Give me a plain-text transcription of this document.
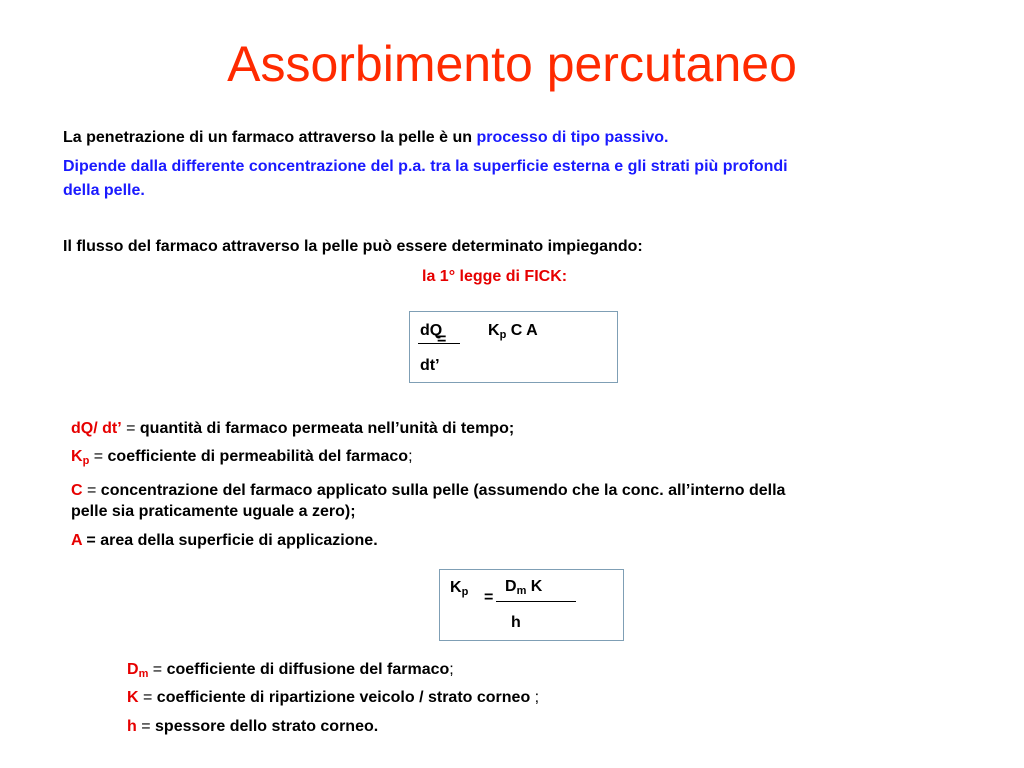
Assorbimento percutaneo
La penetrazione di un farmaco attraverso la pelle è un processo di tipo passivo.
Dipende dalla differente concentrazione del p.a. tra la superficie esterna e gli strati più profondi
della pelle.
Il flusso del farmaco attraverso la pelle può essere determinato impiegando:
la 1° legge di FICK:
dQ
=
$K_p$ C A
dt’
dQ/ dt’ = quantità di farmaco permeata nell’unità di tempo;
$K_p$ = coefficiente di permeabilità del farmaco;
C = concentrazione del farmaco applicato sulla pelle (assumendo che la conc. all’interno della
pelle sia praticamente uguale a zero);
A = area della superficie di applicazione.
$K_p$ =
$D_m$ K
h
$D_m$ = coefficiente di diffusione del farmaco;
K = coefficiente di ripartizione veicolo / strato corneo ;
h = spessore dello strato corneo.
